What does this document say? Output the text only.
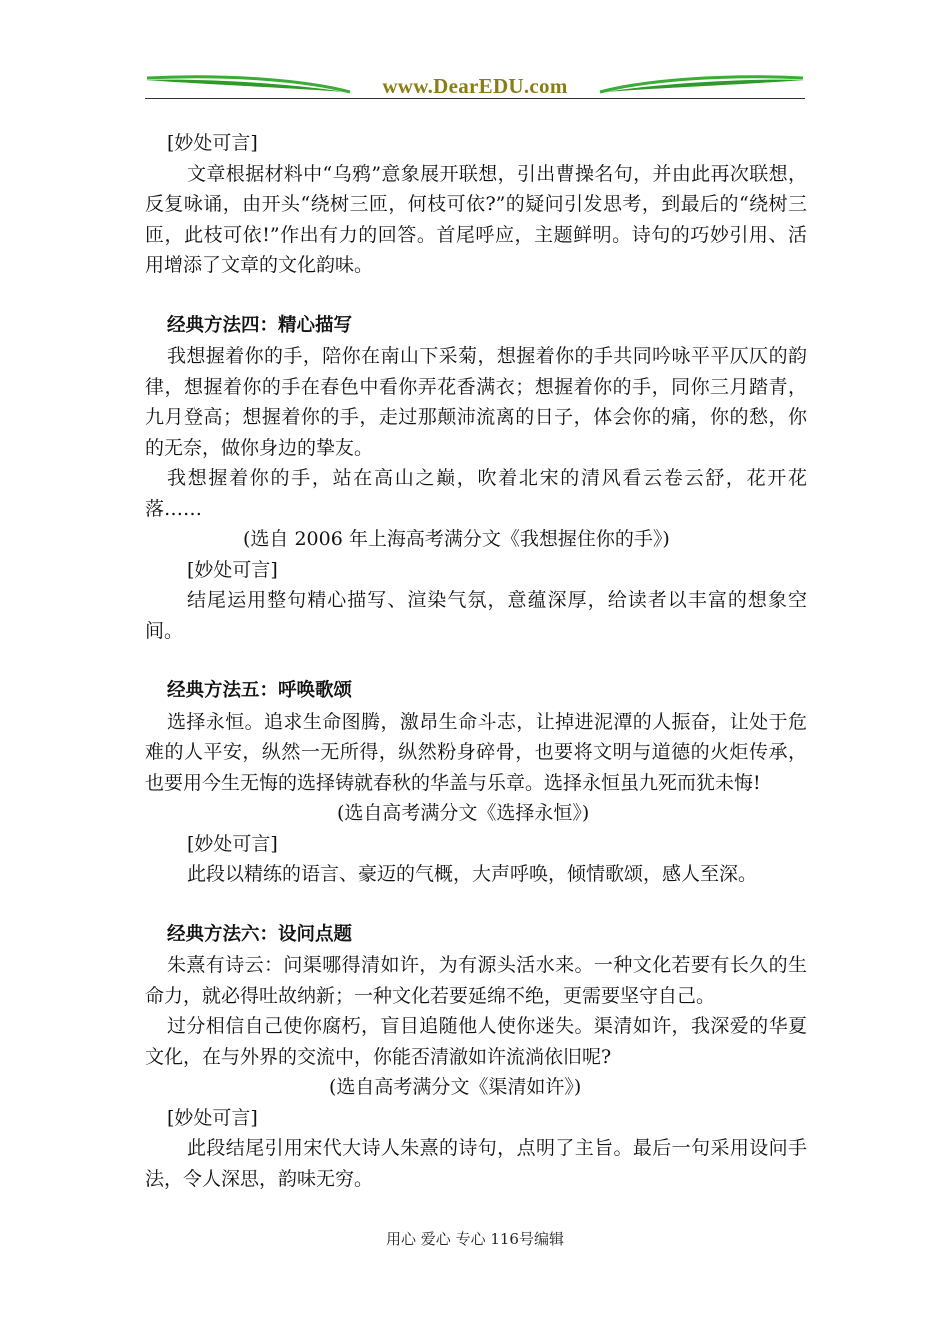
www.DearEDU.com

[妙处可言]

文章根据材料中“乌鸦”意象展开联想，引出曹操名句，并由此再次联想，反复咏诵，由开头“绕树三匝，何枝可依?”的疑问引发思考，到最后的“绕树三匝，此枝可依!”作出有力的回答。首尾呼应，主题鲜明。诗句的巧妙引用、活用增添了文章的文化韵味。

经典方法四：精心描写

我想握着你的手，陪你在南山下采菊，想握着你的手共同吟咏平平仄仄的韵律，想握着你的手在春色中看你弄花香满衣；想握着你的手，同你三月踏青，九月登高；想握着你的手，走过那颠沛流离的日子，体会你的痛，你的愁，你的无奈，做你身边的挚友。

我想握着你的手，站在高山之巅，吹着北宋的清风看云卷云舒，花开花落……

(选自 2006 年上海高考满分文《我想握住你的手》)

[妙处可言]

结尾运用整句精心描写、渲染气氛，意蕴深厚，给读者以丰富的想象空间。

经典方法五：呼唤歌颂

选择永恒。追求生命图腾，激昂生命斗志，让掉进泥潭的人振奋，让处于危难的人平安，纵然一无所得，纵然粉身碎骨，也要将文明与道德的火炬传承，也要用今生无悔的选择铸就春秋的华盖与乐章。选择永恒虽九死而犹未悔!

(选自高考满分文《选择永恒》)

[妙处可言]

此段以精练的语言、豪迈的气概，大声呼唤，倾情歌颂，感人至深。

经典方法六：设问点题

朱熹有诗云：问渠哪得清如许，为有源头活水来。一种文化若要有长久的生命力，就必得吐故纳新；一种文化若要延绵不绝，更需要坚守自己。

过分相信自己使你腐朽，盲目追随他人使你迷失。渠清如许，我深爱的华夏文化，在与外界的交流中，你能否清澈如许流淌依旧呢?

(选自高考满分文《渠清如许》)

[妙处可言]

此段结尾引用宋代大诗人朱熹的诗句，点明了主旨。最后一句采用设问手法，令人深思，韵味无穷。

用心 爱心 专心 116号编辑
